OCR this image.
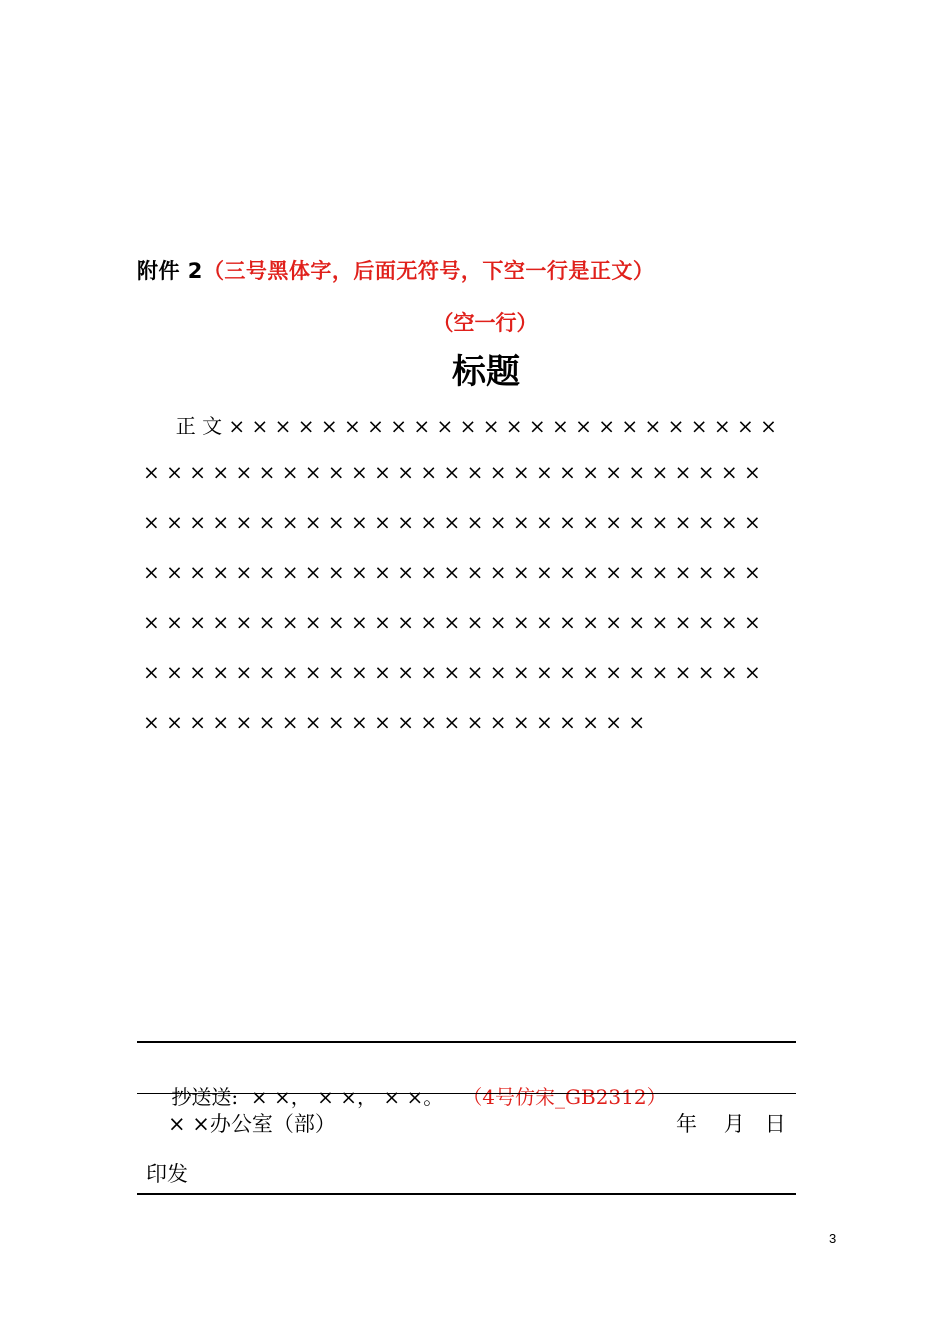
附件 2（三号黑体字，后面无符号，下空一行是正文）
（空一行）
标题
正 文 × × × × × × × × × × × × × × × × × × × × × × × ×
× × × × × × × × × × × × × × × × × × × × × × × × × × ×
× × × × × × × × × × × × × × × × × × × × × × × × × × ×
× × × × × × × × × × × × × × × × × × × × × × × × × × ×
× × × × × × × × × × × × × × × × × × × × × × × × × × ×
× × × × × × × × × × × × × × × × × × × × × × × × × × ×
× × × × × × × × × × × × × × × × × × × × × ×

抄送送:  × ×， × ×， × ×。 （4号仿宋_GB2312）

× ×办公室（部）	年    月   日
印发
3
